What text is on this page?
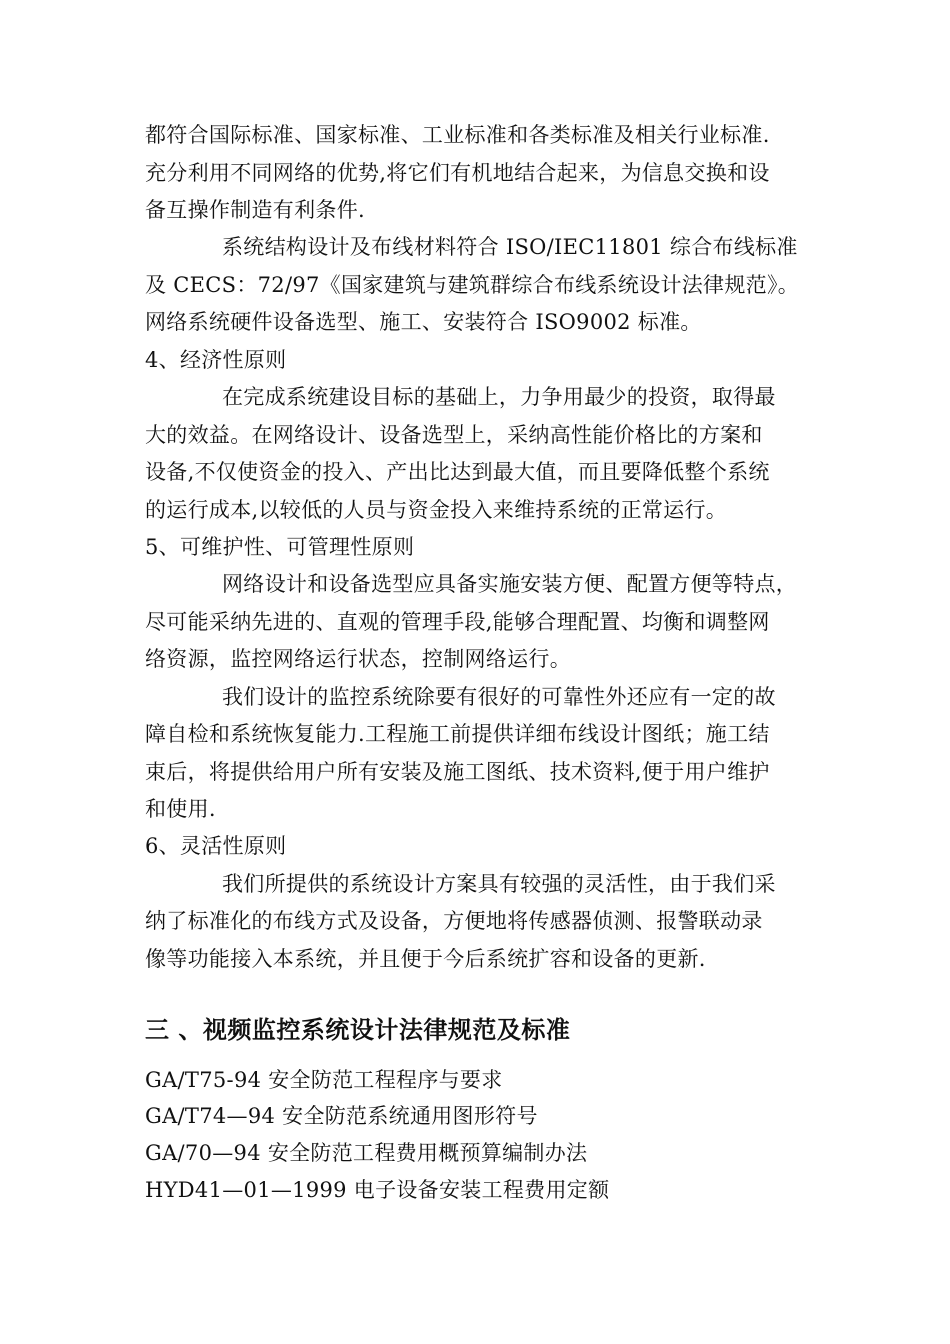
都符合国际标准、国家标准、工业标准和各类标准及相关行业标准.
充分利用不同网络的优势,将它们有机地结合起来，为信息交换和设
备互操作制造有利条件.
系统结构设计及布线材料符合 ISO/IEC11801 综合布线标准
及 CECS：72/97《国家建筑与建筑群综合布线系统设计法律规范》。
网络系统硬件设备选型、施工、安装符合 ISO9002 标准。
4、经济性原则
在完成系统建设目标的基础上，力争用最少的投资，取得最
大的效益。在网络设计、设备选型上，采纳高性能价格比的方案和
设备,不仅使资金的投入、产出比达到最大值，而且要降低整个系统
的运行成本,以较低的人员与资金投入来维持系统的正常运行。
5、可维护性、可管理性原则
网络设计和设备选型应具备实施安装方便、配置方便等特点，
尽可能采纳先进的、直观的管理手段,能够合理配置、均衡和调整网
络资源，监控网络运行状态，控制网络运行。
我们设计的监控系统除要有很好的可靠性外还应有一定的故
障自检和系统恢复能力.工程施工前提供详细布线设计图纸；施工结
束后，将提供给用户所有安装及施工图纸、技术资料,便于用户维护
和使用.
6、灵活性原则
我们所提供的系统设计方案具有较强的灵活性，由于我们采
纳了标准化的布线方式及设备，方便地将传感器侦测、报警联动录
像等功能接入本系统，并且便于今后系统扩容和设备的更新.
三 、视频监控系统设计法律规范及标准
GA/T75-94 安全防范工程程序与要求
GA/T74—94 安全防范系统通用图形符号
GA/70—94 安全防范工程费用概预算编制办法
HYD41—01—1999 电子设备安装工程费用定额
